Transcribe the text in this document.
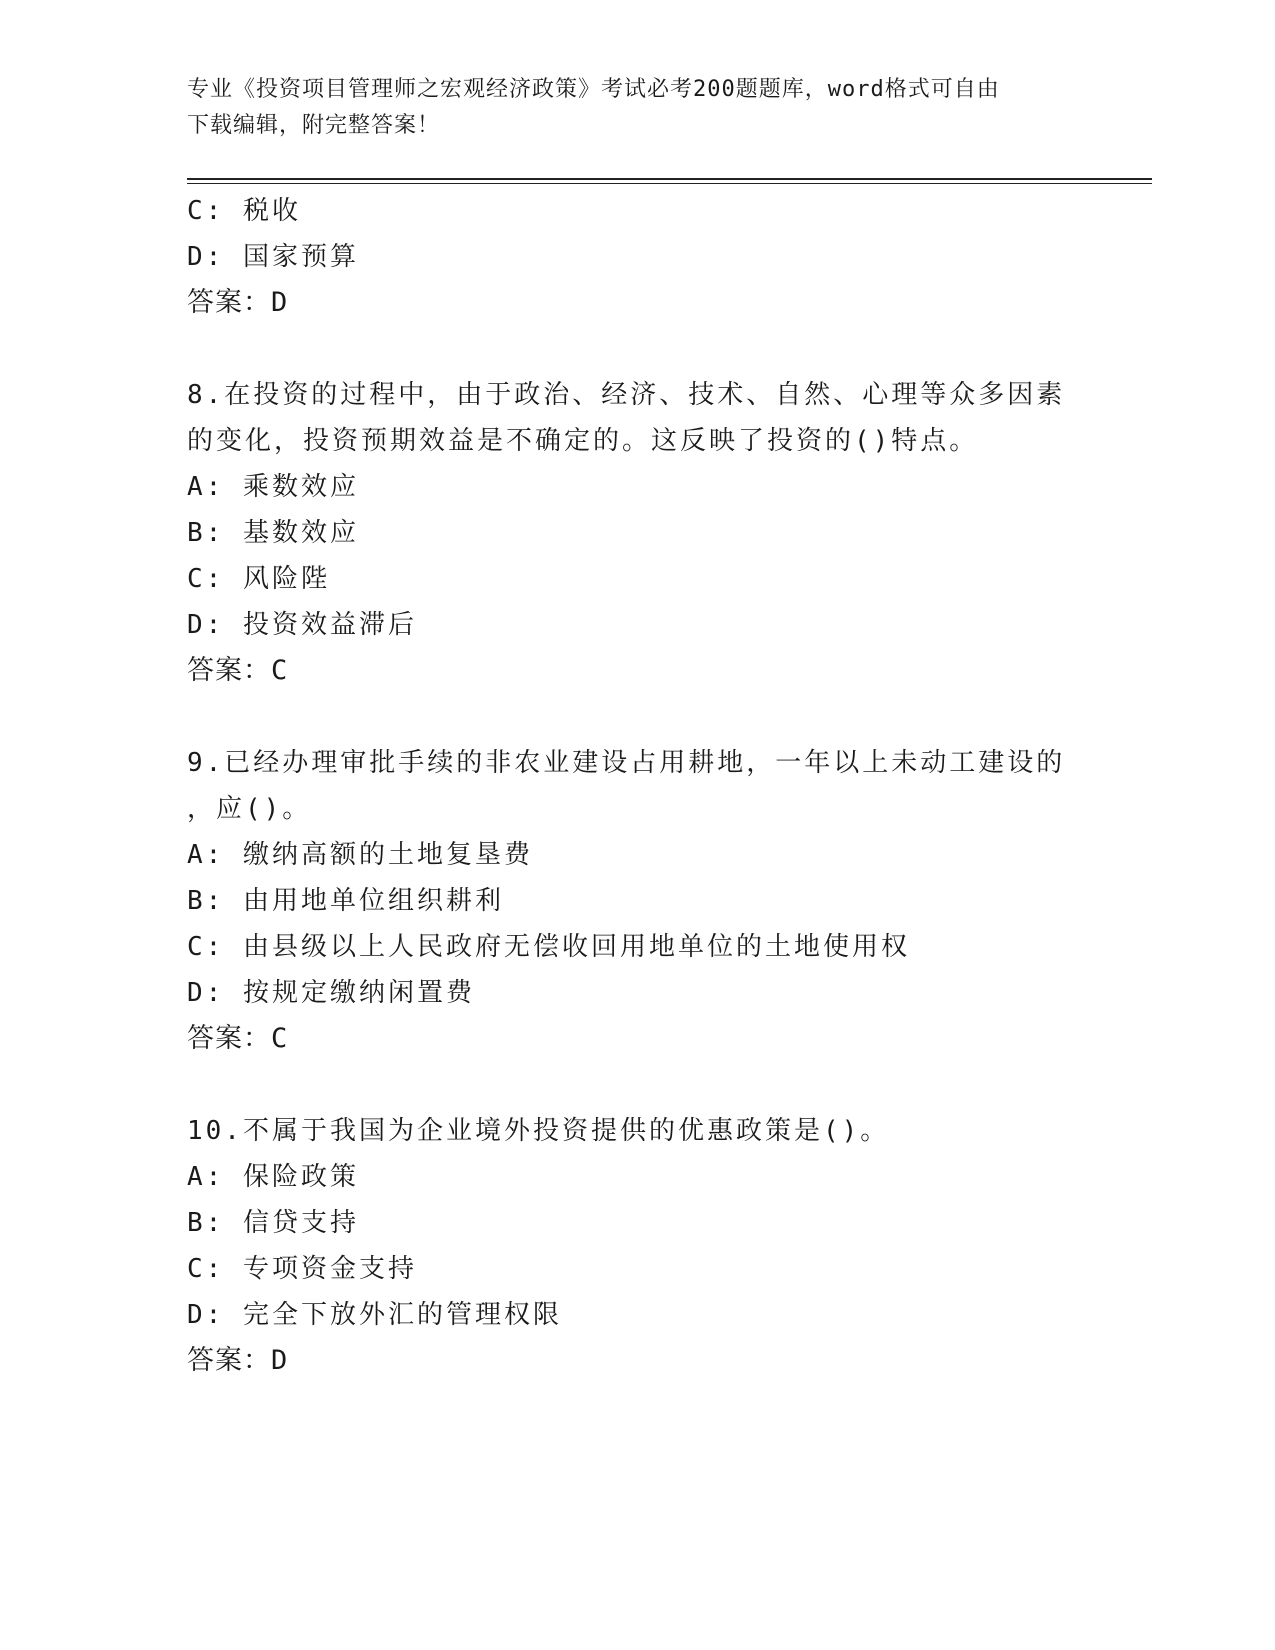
专业《投资项目管理师之宏观经济政策》考试必考200题题库，word格式可自由
下载编辑，附完整答案！
C: 税收
D: 国家预算
答案：D
8.在投资的过程中，由于政治、经济、技术、自然、心理等众多因素
的变化，投资预期效益是不确定的。这反映了投资的()特点。
A: 乘数效应
B: 基数效应
C: 风险陛
D: 投资效益滞后
答案：C
9.已经办理审批手续的非农业建设占用耕地，一年以上未动工建设的
，应()。
A: 缴纳高额的土地复垦费
B: 由用地单位组织耕利
C: 由县级以上人民政府无偿收回用地单位的土地使用权
D: 按规定缴纳闲置费
答案：C
10.不属于我国为企业境外投资提供的优惠政策是()。
A: 保险政策
B: 信贷支持
C: 专项资金支持
D: 完全下放外汇的管理权限
答案：D
